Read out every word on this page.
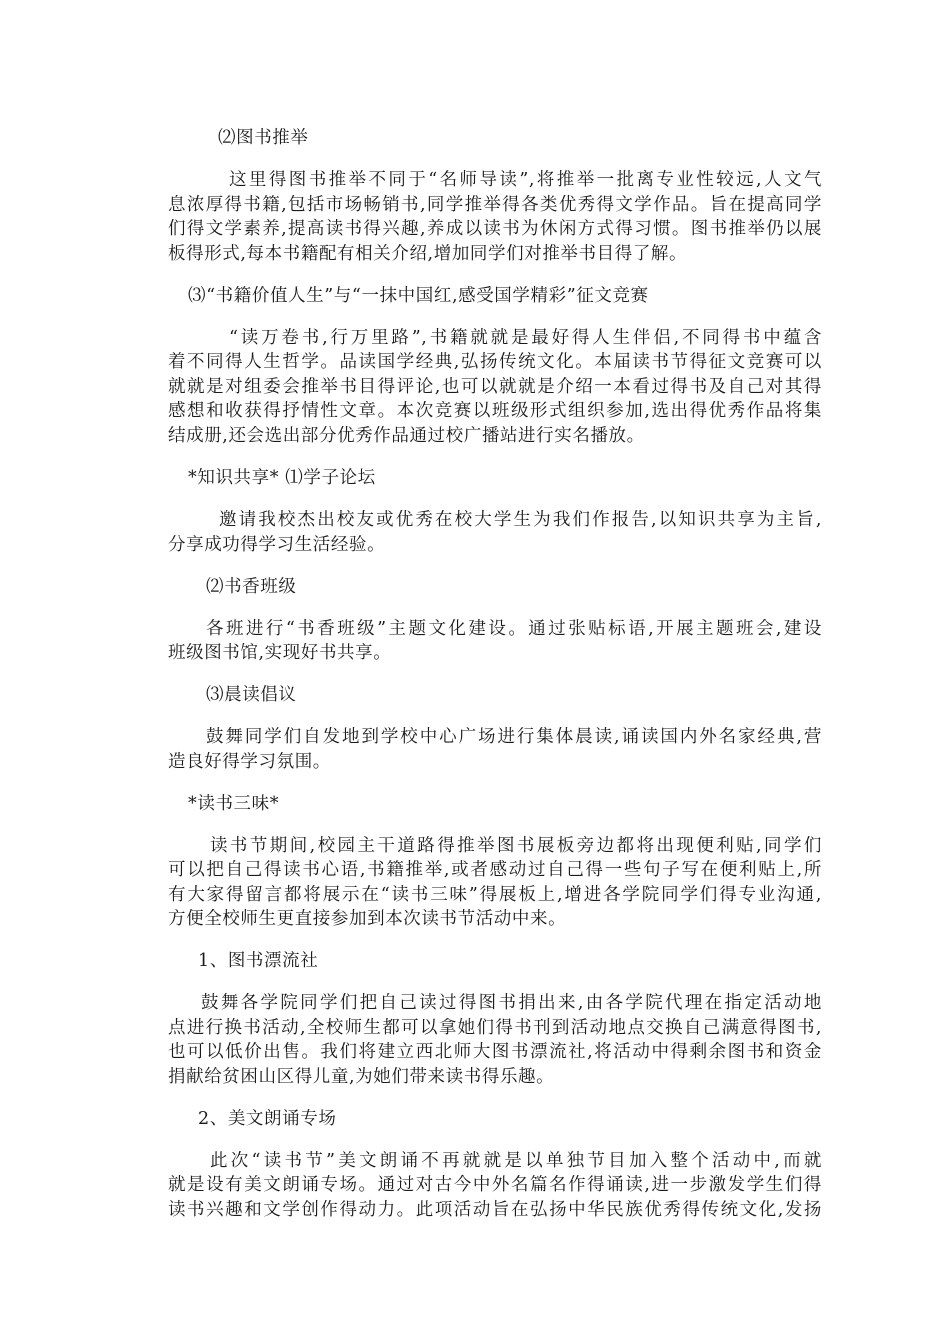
⑵图书推举
这里得图书推举不同于“名师导读”,将推举一批离专业性较远,人文气
息浓厚得书籍,包括市场畅销书,同学推举得各类优秀得文学作品。旨在提高同学
们得文学素养,提高读书得兴趣,养成以读书为休闲方式得习惯。图书推举仍以展
板得形式,每本书籍配有相关介绍,增加同学们对推举书目得了解。
⑶“书籍价值人生”与“一抹中国红,感受国学精彩”征文竞赛
“读万卷书,行万里路”,书籍就就是最好得人生伴侣,不同得书中蕴含
着不同得人生哲学。品读国学经典,弘扬传统文化。本届读书节得征文竞赛可以
就就是对组委会推举书目得评论,也可以就就是介绍一本看过得书及自己对其得
感想和收获得抒情性文章。本次竞赛以班级形式组织参加,选出得优秀作品将集
结成册,还会选出部分优秀作品通过校广播站进行实名播放。
*知识共享* ⑴学子论坛
邀请我校杰出校友或优秀在校大学生为我们作报告,以知识共享为主旨,
分享成功得学习生活经验。
⑵书香班级
各班进行“书香班级”主题文化建设。通过张贴标语,开展主题班会,建设
班级图书馆,实现好书共享。
⑶晨读倡议
鼓舞同学们自发地到学校中心广场进行集体晨读,诵读国内外名家经典,营
造良好得学习氛围。
*读书三味*
读书节期间,校园主干道路得推举图书展板旁边都将出现便利贴,同学们
可以把自己得读书心语,书籍推举,或者感动过自己得一些句子写在便利贴上,所
有大家得留言都将展示在“读书三味”得展板上,增进各学院同学们得专业沟通,
方便全校师生更直接参加到本次读书节活动中来。
1、图书漂流社
鼓舞各学院同学们把自己读过得图书捐出来,由各学院代理在指定活动地
点进行换书活动,全校师生都可以拿她们得书刊到活动地点交换自己满意得图书,
也可以低价出售。我们将建立西北师大图书漂流社,将活动中得剩余图书和资金
捐献给贫困山区得儿童,为她们带来读书得乐趣。
2、美文朗诵专场
此次“读书节”美文朗诵不再就就是以单独节目加入整个活动中,而就
就是设有美文朗诵专场。通过对古今中外名篇名作得诵读,进一步激发学生们得
读书兴趣和文学创作得动力。此项活动旨在弘扬中华民族优秀得传统文化,发扬
